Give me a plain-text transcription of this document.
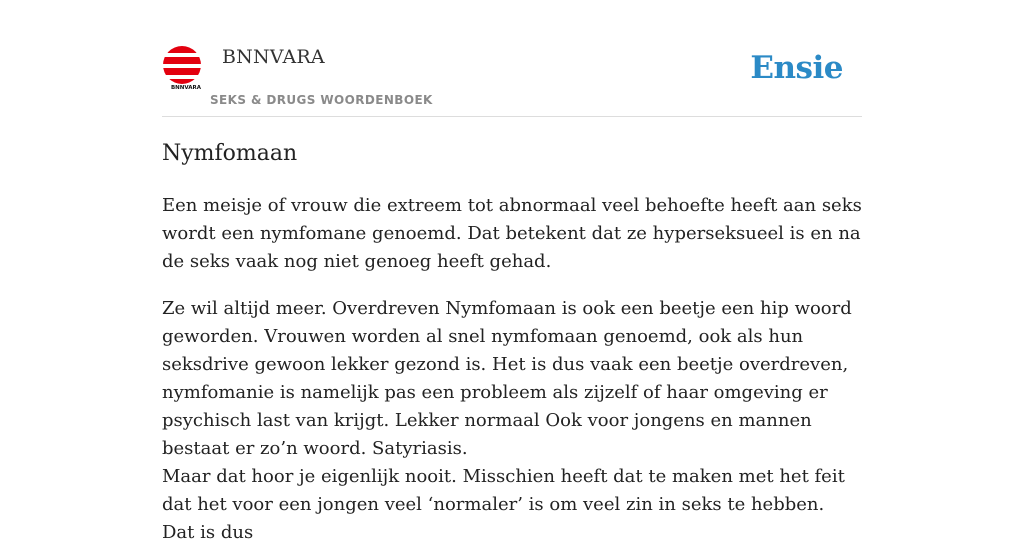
BNNVARA
BNNVARA
SEKS & DRUGS WOORDENBOEK
Ensie
Nymfomaan

Een meisje of vrouw die extreem tot abnormaal veel behoefte heeft aan seks wordt een nymfomane genoemd. Dat betekent dat ze hyperseksueel is en na de seks vaak nog niet genoeg heeft gehad.

Ze wil altijd meer. Overdreven Nymfomaan is ook een beetje een hip woord geworden. Vrouwen worden al snel nymfomaan genoemd, ook als hun seksdrive gewoon lekker gezond is. Het is dus vaak een beetje overdreven, nymfomanie is namelijk pas een probleem als zijzelf of haar omgeving er psychisch last van krijgt. Lekker normaal Ook voor jongens en mannen bestaat er zo’n woord. Satyriasis.

Maar dat hoor je eigenlijk nooit. Misschien heeft dat te maken met het feit dat het voor een jongen veel ‘normaler’ is om veel zin in seks te hebben. Dat is dus
